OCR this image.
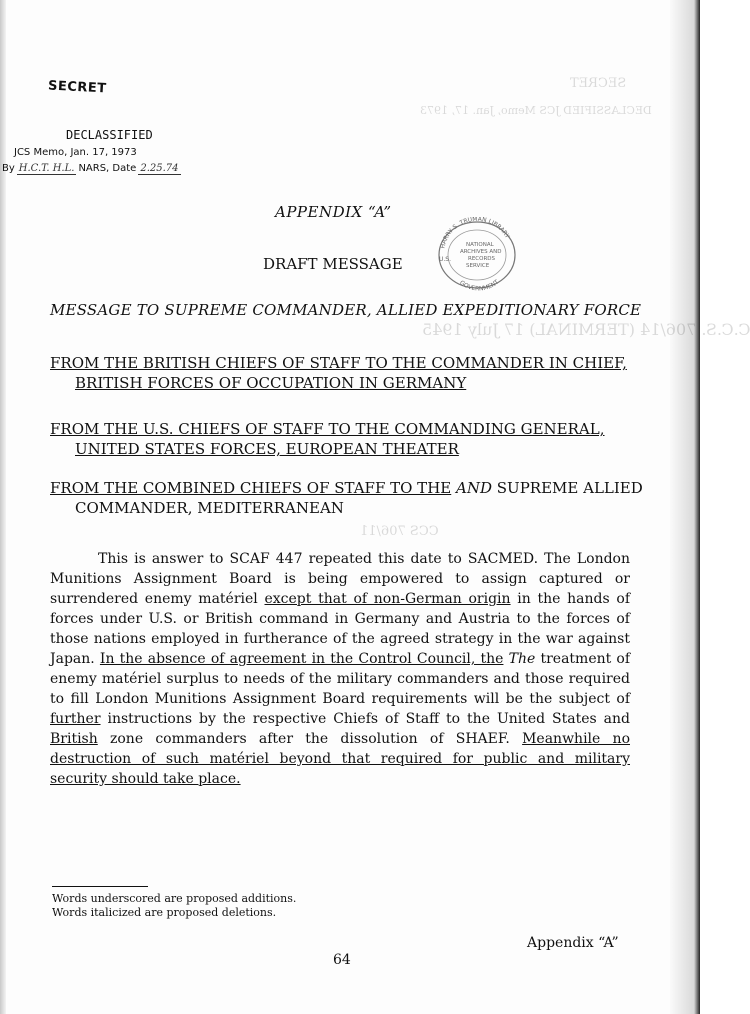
SECRET
DECLASSIFIED JCS Memo, Jan. 17, 1973
C.C.S. 706/14 (TERMINAL) 17 July 1945
CCS 706/11
SECRET
DECLASSIFIED
JCS Memo, Jan. 17, 1973
By H.C.T. H.L. NARS, Date 2.25.74
APPENDIX “A”
DRAFT MESSAGE
HARRY S. TRUMAN LIBRARY
NATIONAL
ARCHIVES AND
RECORDS
SERVICE
U.S.
GOVERNMENT
MESSAGE TO SUPREME COMMANDER, ALLIED EXPEDITIONARY FORCE
FROM THE BRITISH CHIEFS OF STAFF TO THE COMMANDER IN CHIEF,
BRITISH FORCES OF OCCUPATION IN GERMANY
FROM THE U.S. CHIEFS OF STAFF TO THE COMMANDING GENERAL,
UNITED STATES FORCES, EUROPEAN THEATER
FROM THE COMBINED CHIEFS OF STAFF TO THE AND SUPREME ALLIED
COMMANDER, MEDITERRANEAN
This is answer to SCAF 447 repeated this date to SACMED. The London Munitions Assignment Board is being empowered to assign captured or surrendered enemy matériel except that of non-German origin in the hands of forces under U.S. or British command in Germany and Austria to the forces of those nations employed in furtherance of the agreed strategy in the war against Japan. In the absence of agreement in the Control Council, the The treatment of enemy matériel surplus to needs of the military commanders and those required to fill London Munitions Assignment Board requirements will be the subject of further instructions by the respective Chiefs of Staff to the United States and British zone commanders after the dissolution of SHAEF. Meanwhile no destruction of such matériel beyond that required for public and military security should take place.
Words underscored are proposed additions.
Words italicized are proposed deletions.
Appendix “A”
64
